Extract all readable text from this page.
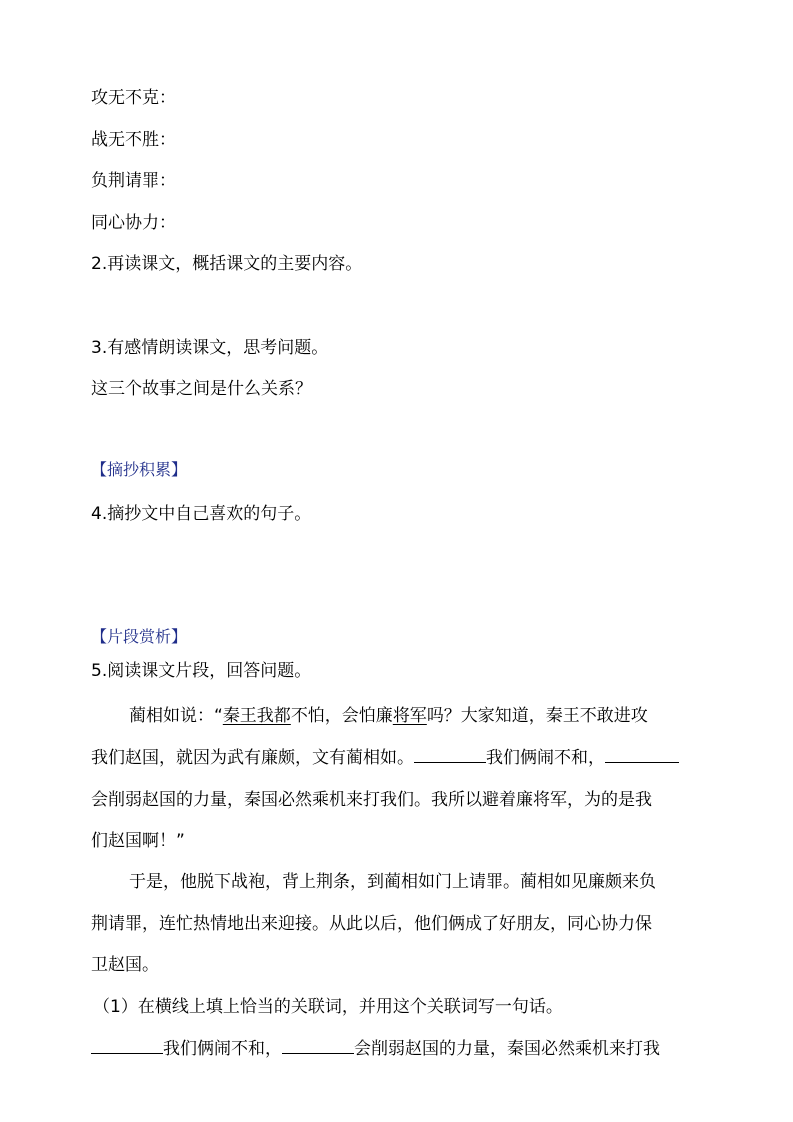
攻无不克：
战无不胜：
负荆请罪：
同心协力：
2.再读课文，概括课文的主要内容。
3.有感情朗读课文，思考问题。
这三个故事之间是什么关系？
【摘抄积累】
4.摘抄文中自己喜欢的句子。
【片段赏析】
5.阅读课文片段，回答问题。
蔺相如说：“秦王我都不怕，会怕廉将军吗？大家知道，秦王不敢进攻
我们赵国，就因为武有廉颇，文有蔺相如。	我们俩闹不和，
会削弱赵国的力量，秦国必然乘机来打我们。我所以避着廉将军，为的是我
们赵国啊！”
于是，他脱下战袍，背上荆条，到蔺相如门上请罪。蔺相如见廉颇来负
荆请罪，连忙热情地出来迎接。从此以后，他们俩成了好朋友，同心协力保
卫赵国。
（1）在横线上填上恰当的关联词，并用这个关联词写一句话。
我们俩闹不和，	会削弱赵国的力量，秦国必然乘机来打我
